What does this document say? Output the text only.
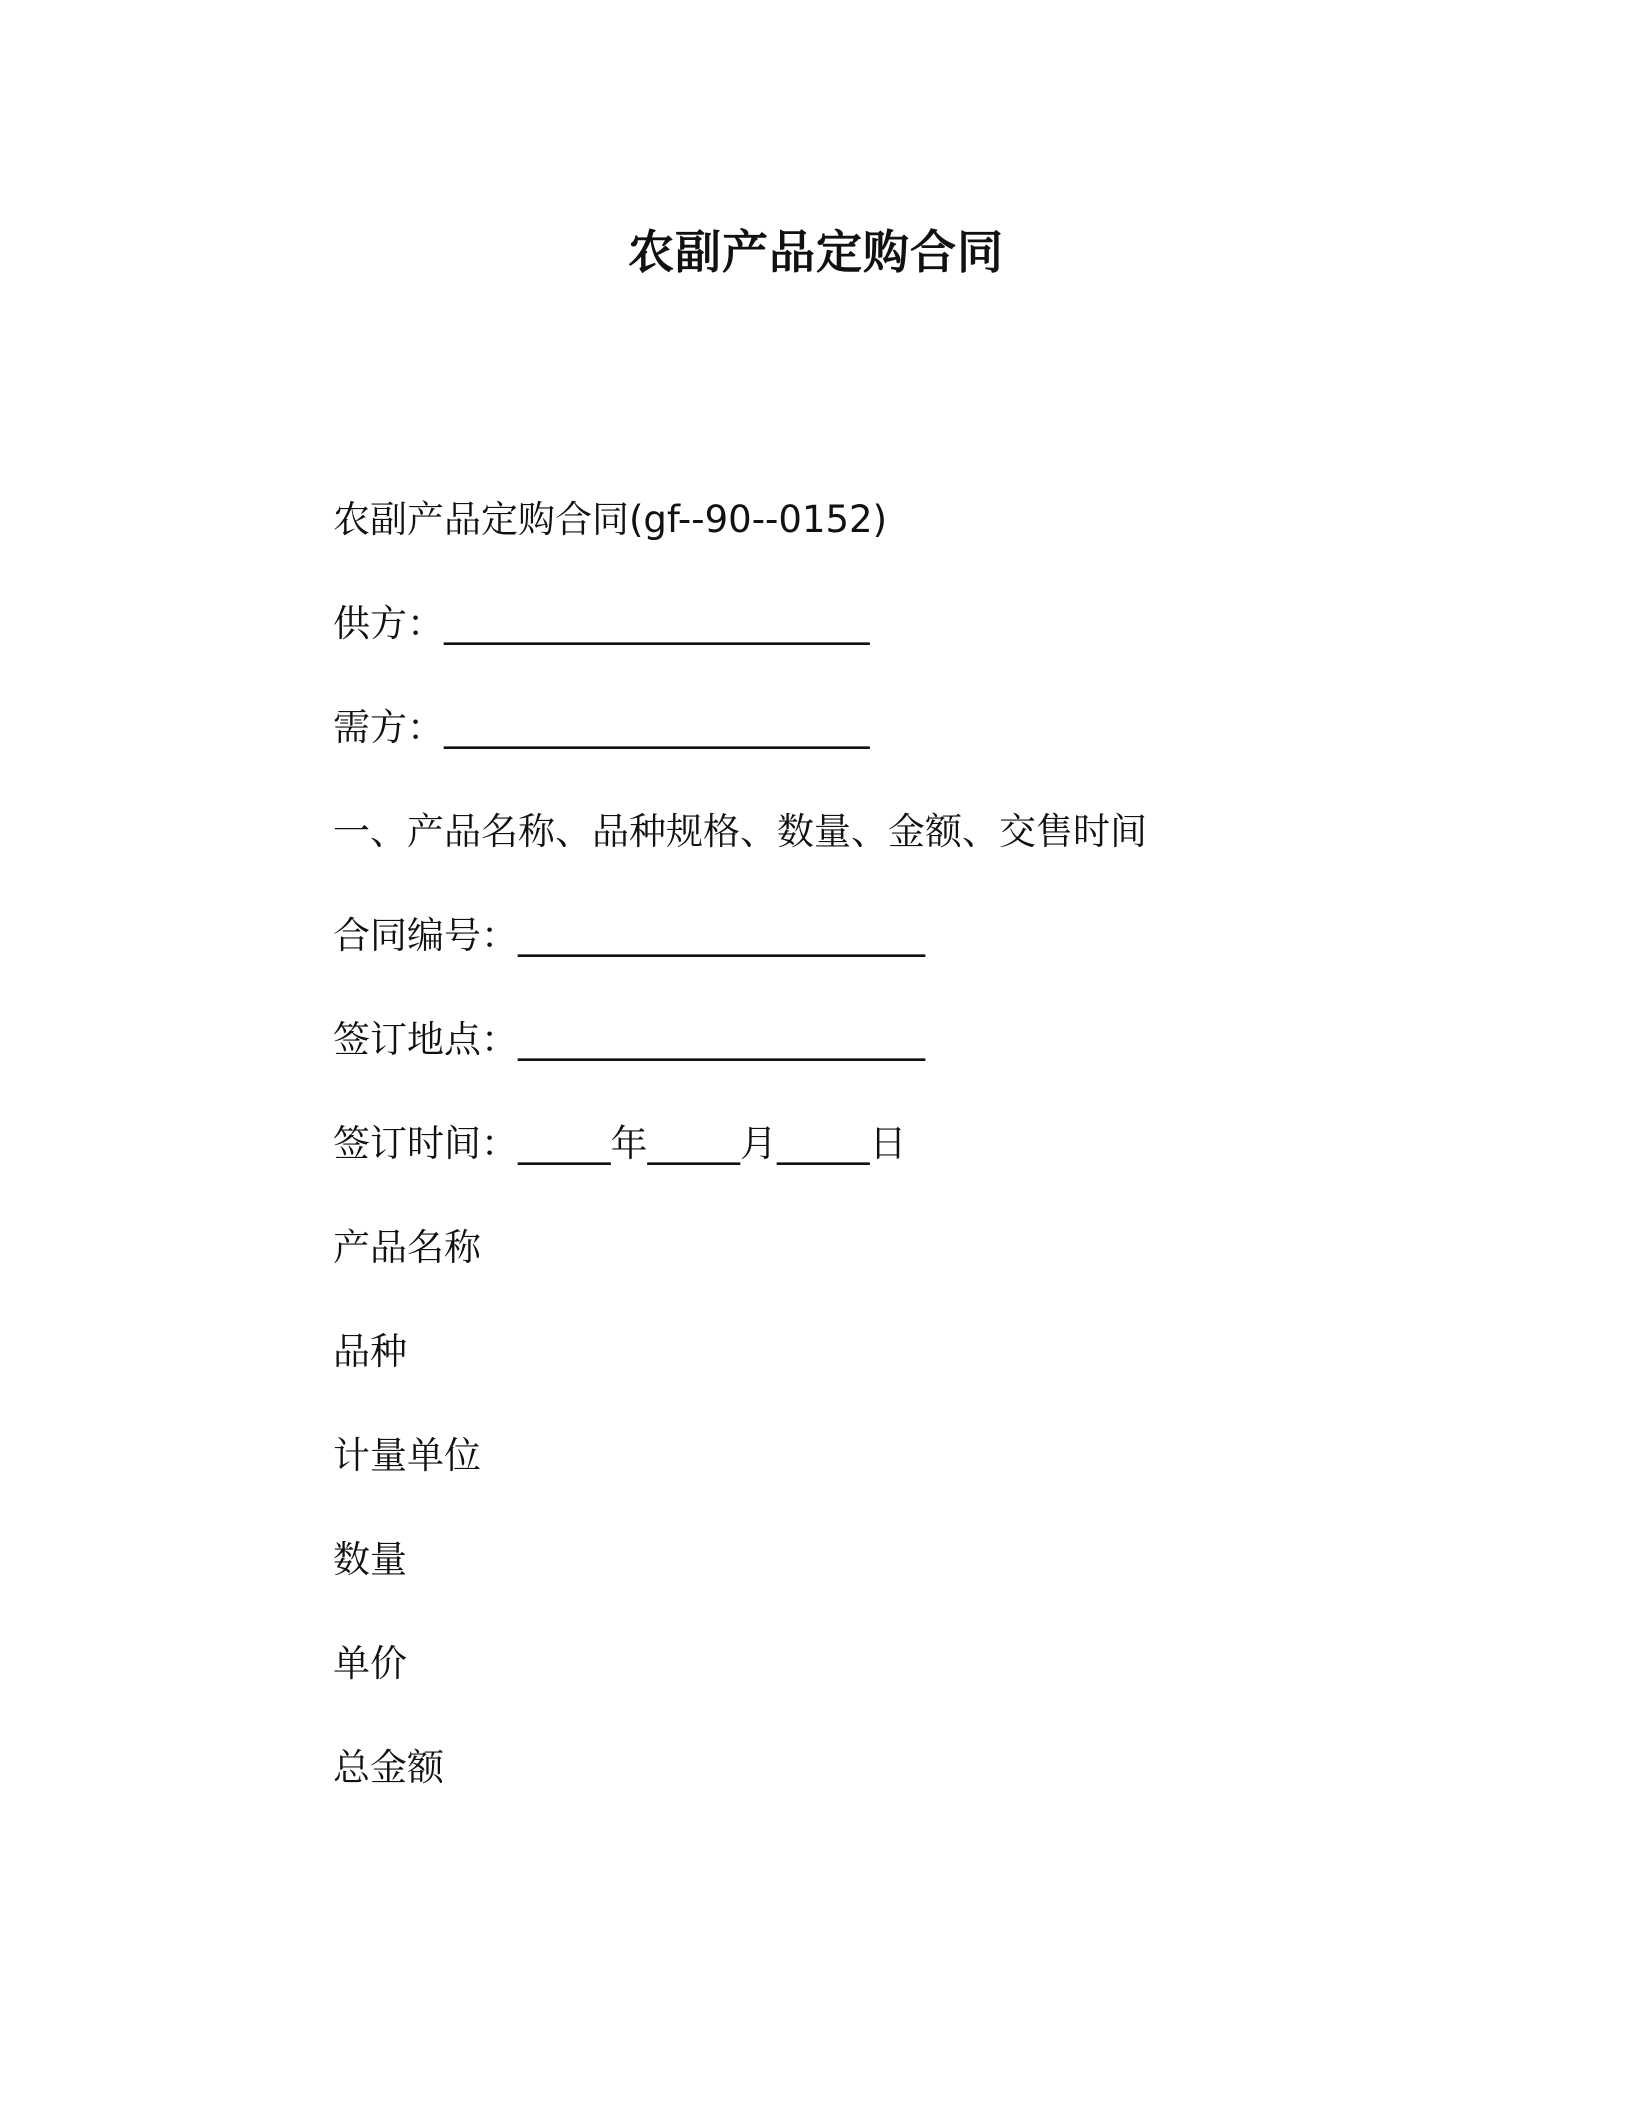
农副产品定购合同
农副产品定购合同(gf--90--0152)
供方：_______________________
需方：_______________________
一、产品名称、品种规格、数量、金额、交售时间
合同编号：______________________
签订地点：______________________
签订时间：_____年_____月_____日
产品名称
品种
计量单位
数量
单价
总金额
